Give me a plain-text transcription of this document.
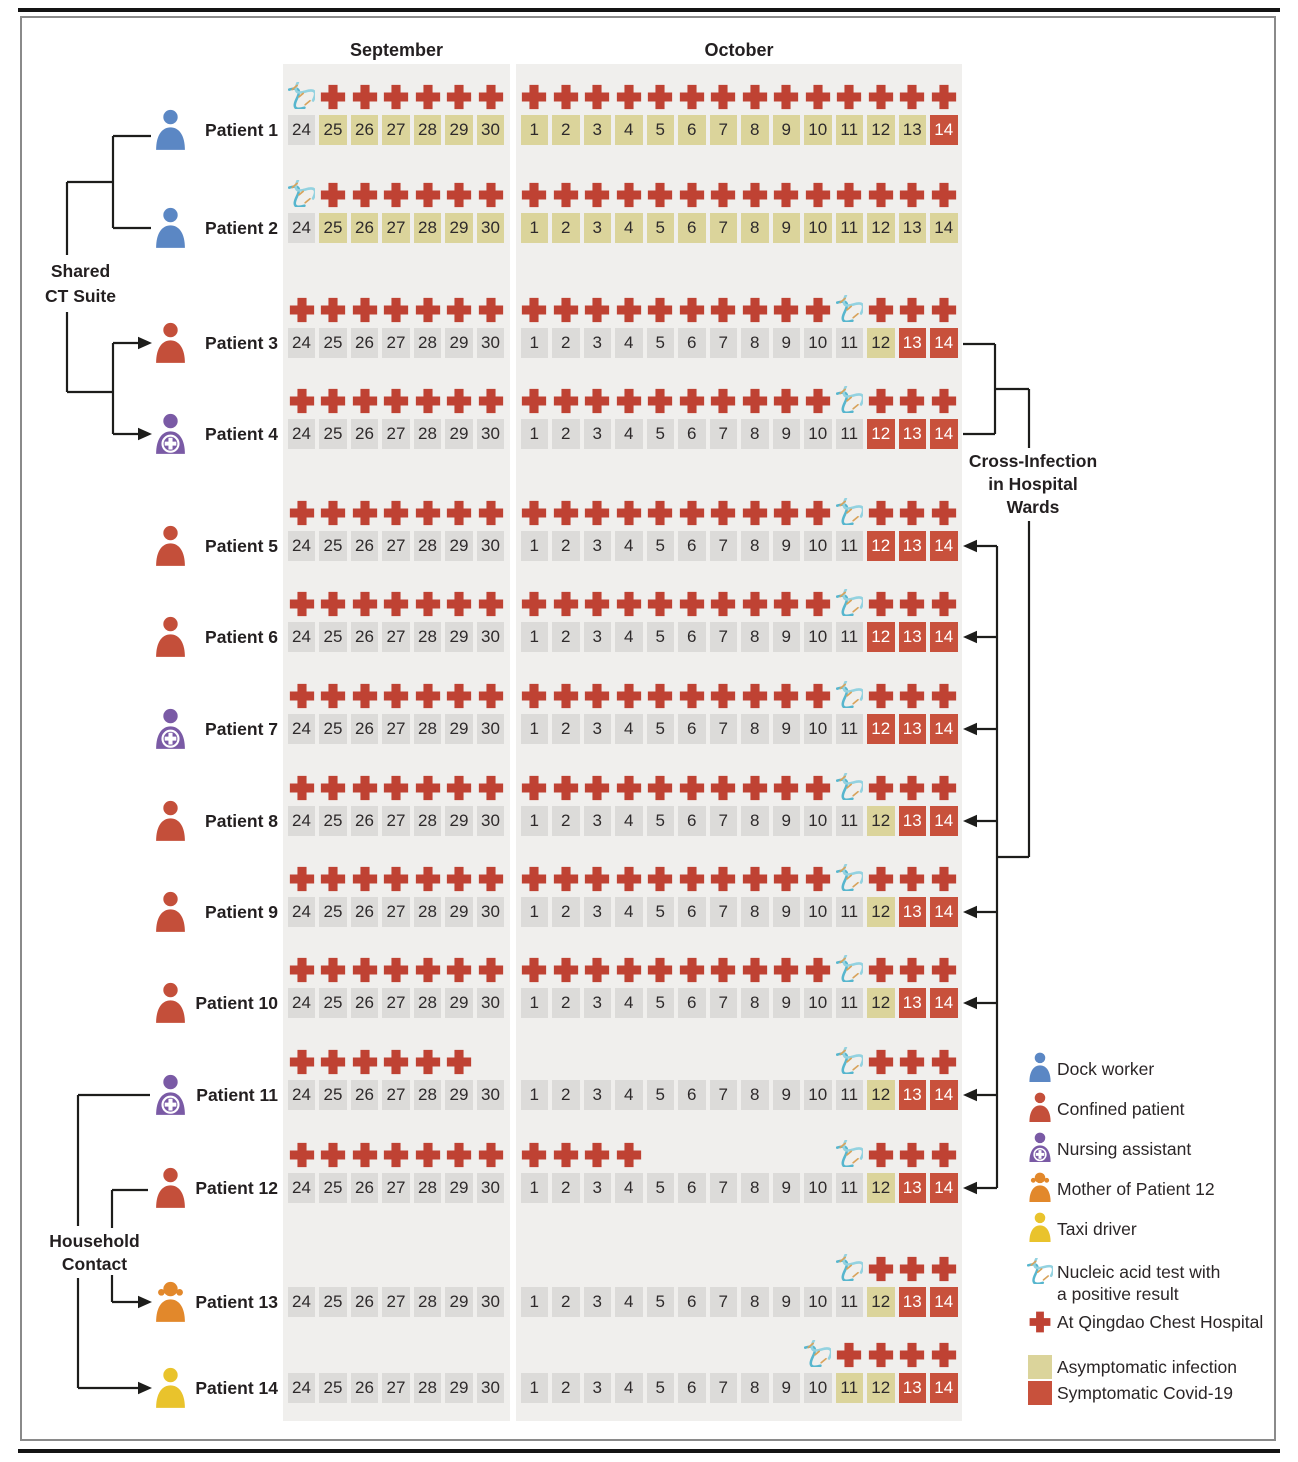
September	October
Shared
CT Suite
Cross-Infection
in Hospital
Wards
Household
Contact
Patient 1 24 25 26 27 28 29 30	1	2	3	4	5	6	7	8	9	10 11 12 13 14
Patient 2 24 25 26 27 28 29 30	1	2	3	4	5	6	7	8	9	10 11 12 13 14
Patient 3 24 25 26 27 28 29 30	1	2	3	4	5	6	7	8	9	10 11 12 13 14
Patient 4 24 25 26 27 28 29 30	1	2	3	4	5	6	7	8	9	10 11 12 13 14
Patient 5 24 25 26 27 28 29 30	1	2	3	4	5	6	7	8	9	10 11 12 13 14
Patient 6 24 25 26 27 28 29 30	1	2	3	4	5	6	7	8	9	10 11 12 13 14
Patient 7 24 25 26 27 28 29 30	1	2	3	4	5	6	7	8	9	10 11 12 13 14
Patient 8 24 25 26 27 28 29 30	1	2	3	4	5	6	7	8	9	10 11 12 13 14
Patient 9 24 25 26 27 28 29 30	1	2	3	4	5	6	7	8	9	10 11 12 13 14
Patient 10 24 25 26 27 28 29 30	1	2	3	4	5	6	7	8	9	10 11 12 13 14
Patient 11 24 25 26 27 28 29 30	1	2	3	4	5	6	7	8	9	10 11 12 13 14
Patient 12 24 25 26 27 28 29 30	1	2	3	4	5	6	7	8	9	10 11 12 13 14
Patient 13 24 25 26 27 28 29 30	1	2	3	4	5	6	7	8	9	10 11 12 13 14
Patient 14 24 25 26 27 28 29 30	1	2	3	4	5	6	7	8	9	10 11 12 13 14
Dock worker
Confined patient
Nursing assistant
Mother of Patient 12
Taxi driver
Nucleic acid test with
a positive result
At Qingdao Chest Hospital
Asymptomatic infection
Symptomatic Covid-19
